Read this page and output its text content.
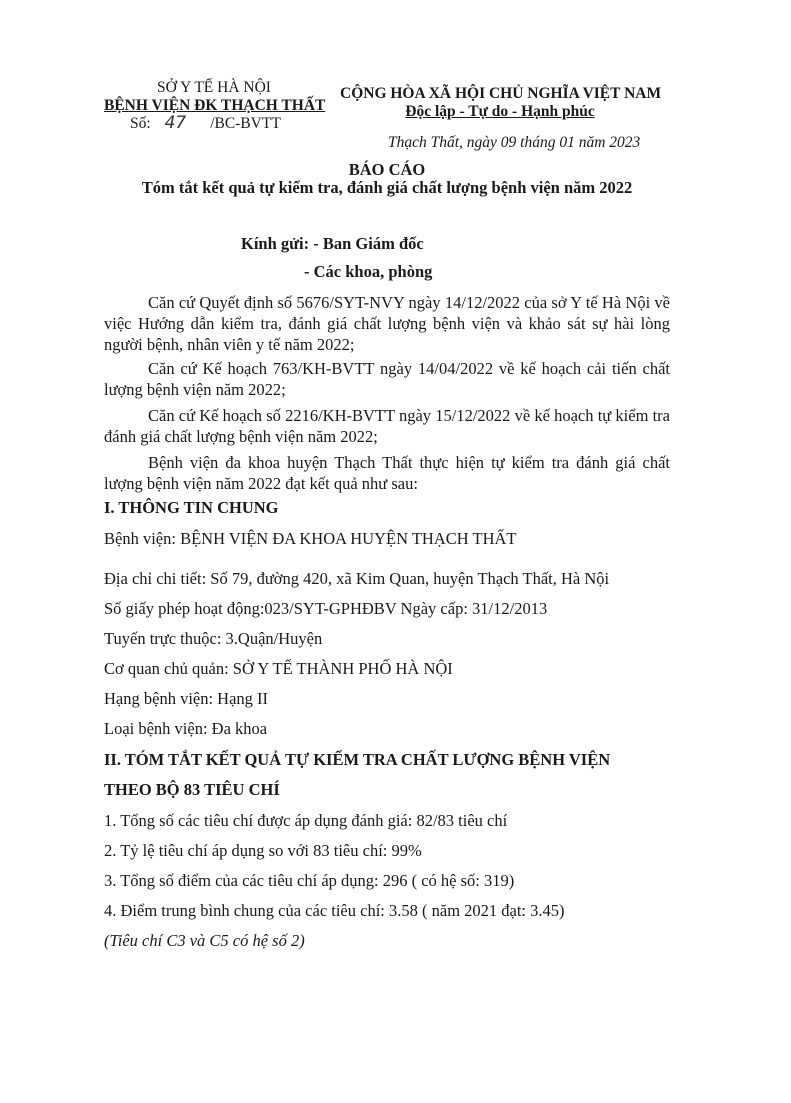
SỞ Y TẾ HÀ NỘI
BỆNH VIỆN ĐK THẠCH THẤT
Số: 47 /BC-BVTT
CỘNG HÒA XÃ HỘI CHỦ NGHĨA VIỆT NAM
Độc lập - Tự do - Hạnh phúc
Thạch Thất, ngày 09 tháng 01 năm 2023
BÁO CÁO
Tóm tắt kết quả tự kiểm tra, đánh giá chất lượng bệnh viện năm 2022
Kính gửi: - Ban Giám đốc
- Các khoa, phòng
Căn cứ Quyết định số 5676/SYT-NVY ngày 14/12/2022 của sở Y tế Hà Nội về việc Hướng dẫn kiểm tra, đánh giá chất lượng bệnh viện và khảo sát sự hài lòng người bệnh, nhân viên y tế năm 2022;
Căn cứ Kế hoạch 763/KH-BVTT ngày 14/04/2022 về kế hoạch cải tiến chất lượng bệnh viện năm 2022;
Căn cứ Kế hoạch số 2216/KH-BVTT ngày 15/12/2022 về kế hoạch tự kiểm tra đánh giá chất lượng bệnh viện năm 2022;
Bệnh viện đa khoa huyện Thạch Thất thực hiện tự kiểm tra đánh giá chất lượng bệnh viện năm 2022 đạt kết quả như sau:
I. THÔNG TIN CHUNG
Bệnh viện: BỆNH VIỆN ĐA KHOA HUYỆN THẠCH THẤT
Địa chỉ chi tiết: Số 79, đường 420, xã Kim Quan, huyện Thạch Thất, Hà Nội
Số giấy phép hoạt động:023/SYT-GPHĐBV Ngày cấp: 31/12/2013
Tuyến trực thuộc: 3.Quận/Huyện
Cơ quan chủ quản: SỞ Y TẾ THÀNH PHỐ HÀ NỘI
Hạng bệnh viện: Hạng II
Loại bệnh viện: Đa khoa
II. TÓM TẮT KẾT QUẢ TỰ KIỂM TRA CHẤT LƯỢNG BỆNH VIỆN
THEO BỘ 83 TIÊU CHÍ
1. Tổng số các tiêu chí được áp dụng đánh giá: 82/83 tiêu chí
2. Tỷ lệ tiêu chí áp dụng so với 83 tiêu chí: 99%
3. Tổng số điểm của các tiêu chí áp dụng: 296 ( có hệ số: 319)
4. Điểm trung bình chung của các tiêu chí: 3.58 ( năm 2021 đạt: 3.45)
(Tiêu chí C3 và C5 có hệ số 2)
